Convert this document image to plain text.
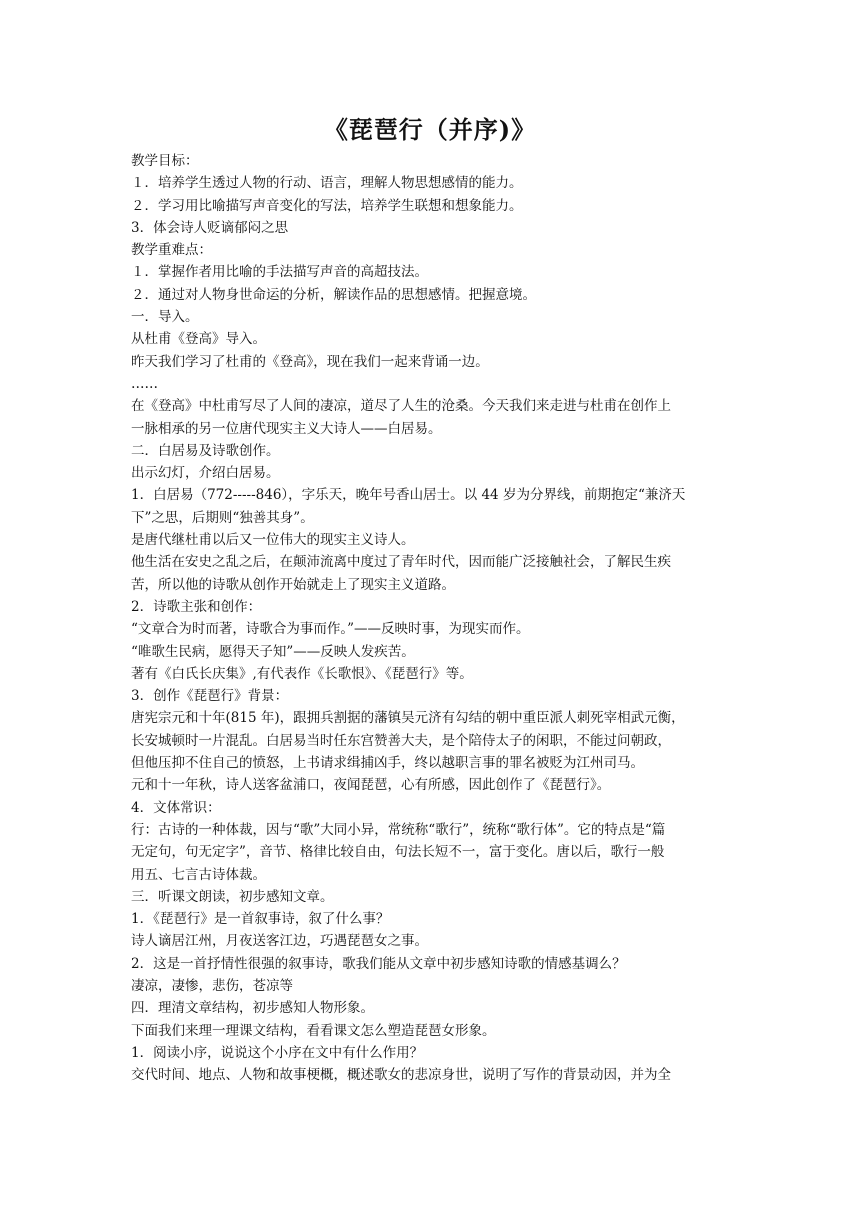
《琵琶行（并序)》
教学目标：
１．培养学生透过人物的行动、语言，理解人物思想感情的能力。
２．学习用比喻描写声音变化的写法，培养学生联想和想象能力。
3．体会诗人贬谪郁闷之思
教学重难点：
１．掌握作者用比喻的手法描写声音的高超技法。
２．通过对人物身世命运的分析，解读作品的思想感情。把握意境。
一．导入。
从杜甫《登高》导入。
昨天我们学习了杜甫的《登高》，现在我们一起来背诵一边。
……
在《登高》中杜甫写尽了人间的凄凉，道尽了人生的沧桑。今天我们来走进与杜甫在创作上
一脉相承的另一位唐代现实主义大诗人——白居易。
二．白居易及诗歌创作。
出示幻灯，介绍白居易。
1．白居易（772-----846），字乐天，晚年号香山居士。以 44 岁为分界线，前期抱定“兼济天
下”之思，后期则“独善其身”。
是唐代继杜甫以后又一位伟大的现实主义诗人。
他生活在安史之乱之后，在颠沛流离中度过了青年时代，因而能广泛接触社会，了解民生疾
苦，所以他的诗歌从创作开始就走上了现实主义道路。
2．诗歌主张和创作：
“文章合为时而著，诗歌合为事而作。”——反映时事，为现实而作。
“唯歌生民病，愿得天子知”——反映人发疾苦。
著有《白氏长庆集》,有代表作《长歌恨》、《琵琶行》等。
3．创作《琵琶行》背景：
唐宪宗元和十年(815 年)，跟拥兵割据的藩镇吴元济有勾结的朝中重臣派人刺死宰相武元衡，
长安城顿时一片混乱。白居易当时任东宫赞善大夫，是个陪侍太子的闲职，不能过问朝政，
但他压抑不住自己的愤怒，上书请求缉捕凶手，终以越职言事的罪名被贬为江州司马。
元和十一年秋，诗人送客盆浦口，夜闻琵琶，心有所感，因此创作了《琵琶行》。
4．文体常识：
行：古诗的一种体裁，因与“歌”大同小异，常统称“歌行”，统称“歌行体”。它的特点是“篇
无定句，句无定字”，音节、格律比较自由，句法长短不一，富于变化。唐以后，歌行一般
用五、七言古诗体裁。
三．听课文朗读，初步感知文章。
1．《琵琶行》是一首叙事诗，叙了什么事？
诗人谪居江州，月夜送客江边，巧遇琵琶女之事。
2．这是一首抒情性很强的叙事诗，歌我们能从文章中初步感知诗歌的情感基调么？
凄凉，凄惨，悲伤，苍凉等
四．理清文章结构，初步感知人物形象。
下面我们来理一理课文结构，看看课文怎么塑造琵琶女形象。
1．阅读小序，说说这个小序在文中有什么作用？
交代时间、地点、人物和故事梗概，概述歌女的悲凉身世，说明了写作的背景动因，并为全
